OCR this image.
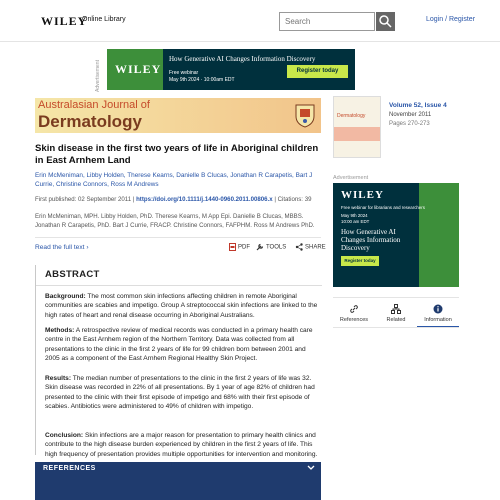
WILEY
Online Library
Search	Login / Register
Advertisement	WILEY
How Generative AI Changes Information Discovery
Free webinar
May 9th 2024 · 10:00am EDT
Register today
Australasian Journal of
Dermatology
Skin disease in the first two years of life in Aboriginal children in East Arnhem Land
Erin McMeniman, Libby Holden, Therese Kearns, Danielle B Clucas, Jonathan R Carapetis, Bart J Currie, Christine Connors, Ross M Andrews
First published: 02 September 2011 | https://doi.org/10.1111/j.1440-0960.2011.00806.x | Citations: 39
Erin McMeniman, MPH. Libby Holden, PhD. Therese Kearns, M App Epi. Danielle B Clucas, MBBS. Jonathan R Carapetis, PhD. Bart J Currie, FRACP. Christine Connors, FAFPHM. Ross M Andrews PhD.
Read the full text ›	PDF	TOOLS	SHARE
ABSTRACT
Background: The most common skin infections affecting children in remote Aboriginal communities are scabies and impetigo. Group A streptococcal skin infections are linked to the high rates of heart and renal disease occurring in Aboriginal Australians.
Methods: A retrospective review of medical records was conducted in a primary health care centre in the East Arnhem region of the Northern Territory. Data was collected from all presentations to the clinic in the first 2 years of life for 99 children born between 2001 and 2005 as a component of the East Arnhem Regional Healthy Skin Project.
Results: The median number of presentations to the clinic in the first 2 years of life was 32. Skin disease was recorded in 22% of all presentations. By 1 year of age 82% of children had presented to the clinic with their first episode of impetigo and 68% with their first episode of scabies. Antibiotics were administered to 49% of children with impetigo.
Conclusion: Skin infections are a major reason for presentation to primary health clinics and contribute to the high disease burden experienced by children in the first 2 years of life. This high frequency of presentation provides multiple opportunities for intervention and monitoring.
REFERENCES
Dermatology
Volume 52, Issue 4
November 2011
Pages 270-273
Advertisement
WILEY
Free webinar for librarians and researchers
May 9th 2024
10:00 am EDT
How Generative AI Changes Information Discovery
Register today
References	Related	Information
